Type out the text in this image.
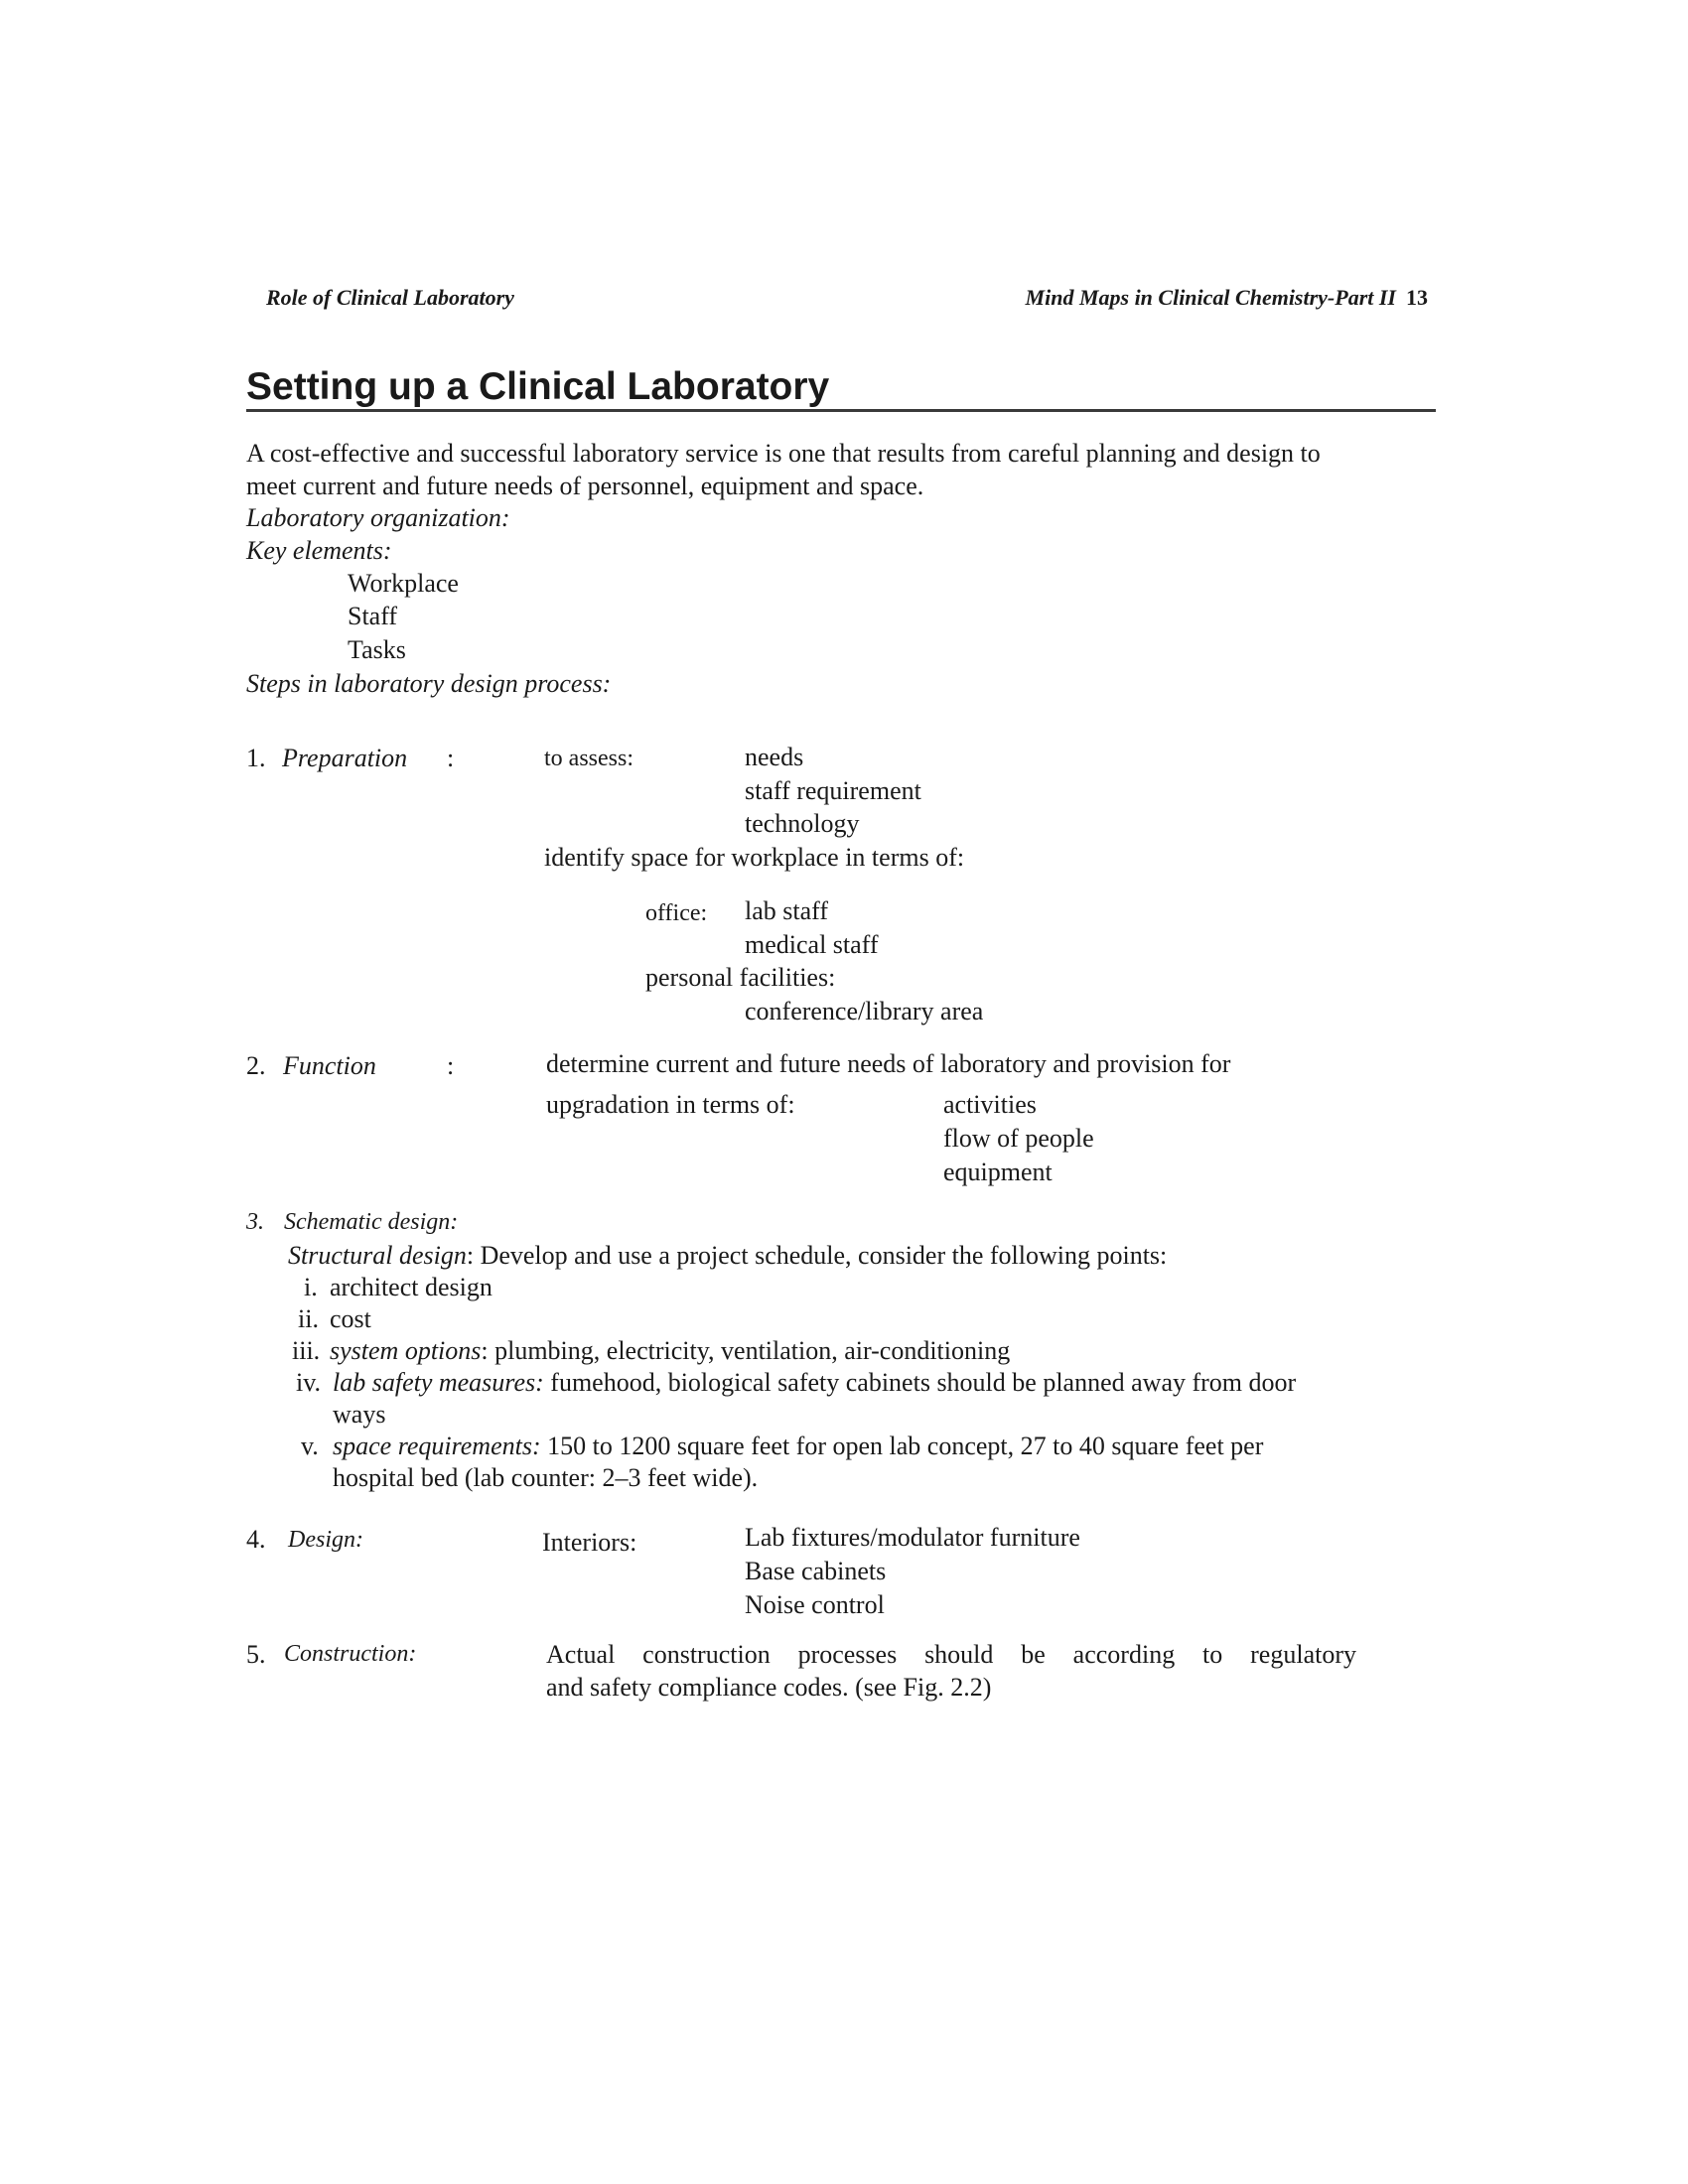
Role of Clinical Laboratory	Mind Maps in Clinical Chemistry-Part II 13
Setting up a Clinical Laboratory
A cost-effective and successful laboratory service is one that results from careful planning and design to
meet current and future needs of personnel, equipment and space.
Laboratory organization:
Key elements:
Workplace
Staff
Tasks
Steps in laboratory design process:
1. Preparation :	to assess:	needs
staff requirement
technology
identify space for workplace in terms of:
office: lab staff
medical staff
personal facilities:
conference/library area
2. Function	:	determine current and future needs of laboratory and provision for
upgradation in terms of:	activities
flow of people
equipment
3. Schematic design:
Structural design: Develop and use a project schedule, consider the following points:
i. architect design
ii. cost
iii. system options: plumbing, electricity, ventilation, air-conditioning
iv. lab safety measures: fumehood, biological safety cabinets should be planned away from door
ways
v. space requirements: 150 to 1200 square feet for open lab concept, 27 to 40 square feet per
hospital bed (lab counter: 2–3 feet wide).
4. Design:	Interiors:	Lab fixtures/modulator furniture
Base cabinets
Noise control
5. Construction:	Actual construction processes should be according to regulatory
and safety compliance codes. (see Fig. 2.2)
